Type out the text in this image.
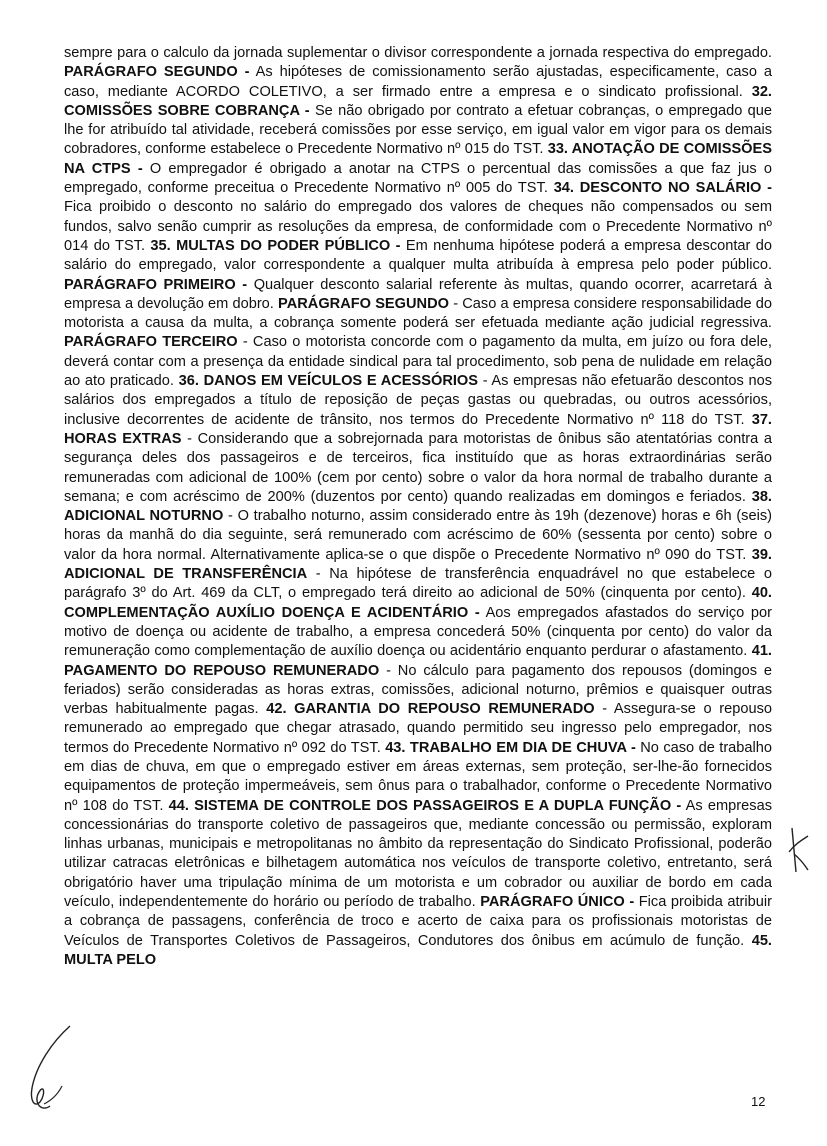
sempre para o calculo da jornada suplementar o divisor correspondente a jornada respectiva do empregado. PARÁGRAFO SEGUNDO - As hipóteses de comissionamento serão ajustadas, especificamente, caso a caso, mediante ACORDO COLETIVO, a ser firmado entre a empresa e o sindicato profissional. 32. COMISSÕES SOBRE COBRANÇA - Se não obrigado por contrato a efetuar cobranças, o empregado que lhe for atribuído tal atividade, receberá comissões por esse serviço, em igual valor em vigor para os demais cobradores, conforme estabelece o Precedente Normativo nº 015 do TST. 33. ANOTAÇÃO DE COMISSÕES NA CTPS - O empregador é obrigado a anotar na CTPS o percentual das comissões a que faz jus o empregado, conforme preceitua o Precedente Normativo nº 005 do TST. 34. DESCONTO NO SALÁRIO - Fica proibido o desconto no salário do empregado dos valores de cheques não compensados ou sem fundos, salvo senão cumprir as resoluções da empresa, de conformidade com o Precedente Normativo nº 014 do TST. 35. MULTAS DO PODER PÚBLICO - Em nenhuma hipótese poderá a empresa descontar do salário do empregado, valor correspondente a qualquer multa atribuída à empresa pelo poder público. PARÁGRAFO PRIMEIRO - Qualquer desconto salarial referente às multas, quando ocorrer, acarretará à empresa a devolução em dobro. PARÁGRAFO SEGUNDO - Caso a empresa considere responsabilidade do motorista a causa da multa, a cobrança somente poderá ser efetuada mediante ação judicial regressiva. PARÁGRAFO TERCEIRO - Caso o motorista concorde com o pagamento da multa, em juízo ou fora dele, deverá contar com a presença da entidade sindical para tal procedimento, sob pena de nulidade em relação ao ato praticado. 36. DANOS EM VEÍCULOS E ACESSÓRIOS - As empresas não efetuarão descontos nos salários dos empregados a título de reposição de peças gastas ou quebradas, ou outros acessórios, inclusive decorrentes de acidente de trânsito, nos termos do Precedente Normativo nº 118 do TST. 37. HORAS EXTRAS - Considerando que a sobrejornada para motoristas de ônibus são atentatórias contra a segurança deles dos passageiros e de terceiros, fica instituído que as horas extraordinárias serão remuneradas com adicional de 100% (cem por cento) sobre o valor da hora normal de trabalho durante a semana; e com acréscimo de 200% (duzentos por cento) quando realizadas em domingos e feriados. 38. ADICIONAL NOTURNO - O trabalho noturno, assim considerado entre às 19h (dezenove) horas e 6h (seis) horas da manhã do dia seguinte, será remunerado com acréscimo de 60% (sessenta por cento) sobre o valor da hora normal. Alternativamente aplica-se o que dispõe o Precedente Normativo nº 090 do TST. 39. ADICIONAL DE TRANSFERÊNCIA - Na hipótese de transferência enquadrável no que estabelece o parágrafo 3º do Art. 469 da CLT, o empregado terá direito ao adicional de 50% (cinquenta por cento). 40. COMPLEMENTAÇÃO AUXÍLIO DOENÇA E ACIDENTÁRIO - Aos empregados afastados do serviço por motivo de doença ou acidente de trabalho, a empresa concederá 50% (cinquenta por cento) do valor da remuneração como complementação de auxílio doença ou acidentário enquanto perdurar o afastamento. 41. PAGAMENTO DO REPOUSO REMUNERADO - No cálculo para pagamento dos repousos (domingos e feriados) serão consideradas as horas extras, comissões, adicional noturno, prêmios e quaisquer outras verbas habitualmente pagas. 42. GARANTIA DO REPOUSO REMUNERADO - Assegura-se o repouso remunerado ao empregado que chegar atrasado, quando permitido seu ingresso pelo empregador, nos termos do Precedente Normativo nº 092 do TST. 43. TRABALHO EM DIA DE CHUVA - No caso de trabalho em dias de chuva, em que o empregado estiver em áreas externas, sem proteção, ser-lhe-ão fornecidos equipamentos de proteção impermeáveis, sem ônus para o trabalhador, conforme o Precedente Normativo nº 108 do TST. 44. SISTEMA DE CONTROLE DOS PASSAGEIROS E A DUPLA FUNÇÃO - As empresas concessionárias do transporte coletivo de passageiros que, mediante concessão ou permissão, exploram linhas urbanas, municipais e metropolitanas no âmbito da representação do Sindicato Profissional, poderão utilizar catracas eletrônicas e bilhetagem automática nos veículos de transporte coletivo, entretanto, será obrigatório haver uma tripulação mínima de um motorista e um cobrador ou auxiliar de bordo em cada veículo, independentemente do horário ou período de trabalho. PARÁGRAFO ÚNICO - Fica proibida atribuir a cobrança de passagens, conferência de troco e acerto de caixa para os profissionais motoristas de Veículos de Transportes Coletivos de Passageiros, Condutores dos ônibus em acúmulo de função. 45. MULTA PELO

12
